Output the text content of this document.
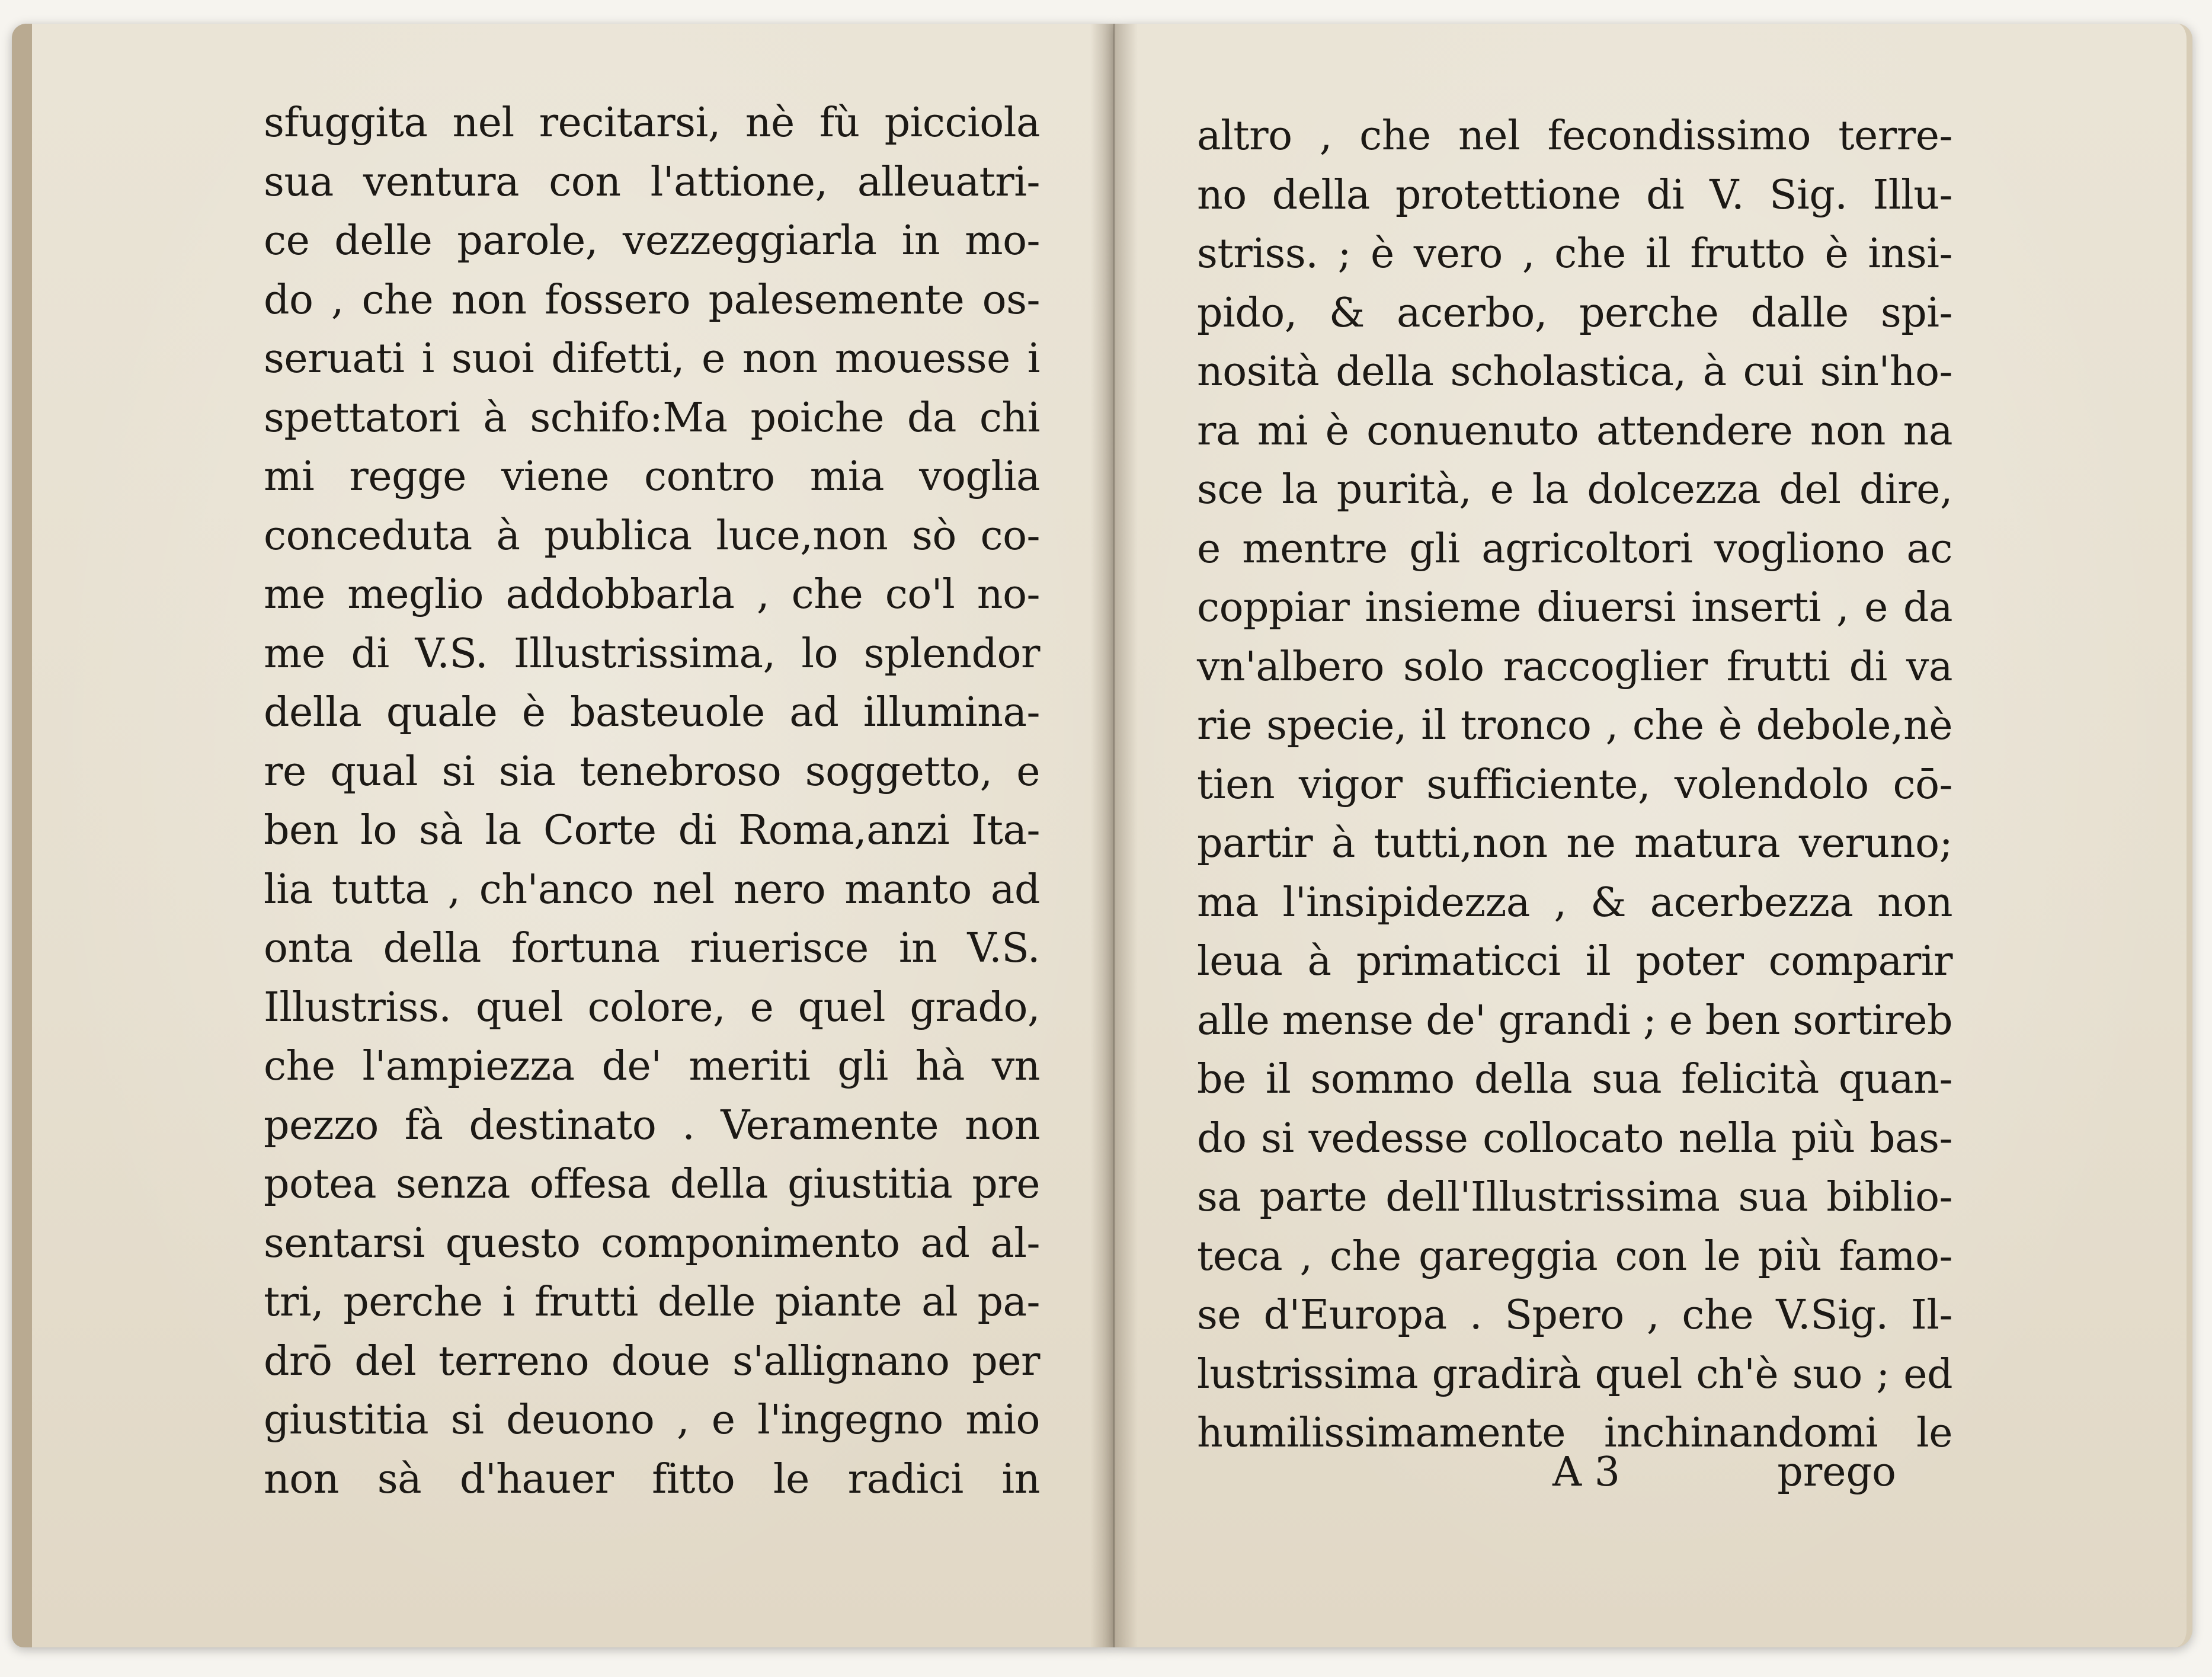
sfuggita nel recitarsi, nè fù picciola
sua ventura con l'attione, alleuatri-
ce delle parole, vezzeggiarla in mo-
do , che non fossero palesemente os-
seruati i suoi difetti, e non mouesse i
spettatori à schifo:Ma poiche da chi
mi regge viene contro mia voglia
conceduta à publica luce,non sò co-
me meglio addobbarla , che co'l no-
me di V.S. Illustrissima, lo splendor
della quale è basteuole ad illumina-
re qual si sia tenebroso soggetto, e
ben lo sà la Corte di Roma,anzi Ita-
lia tutta , ch'anco nel nero manto ad
onta della fortuna riuerisce in V.S.
Illustriss. quel colore, e quel grado,
che l'ampiezza de' meriti gli hà vn
pezzo fà destinato . Veramente non
potea senza offesa della giustitia pre
sentarsi questo componimento ad al-
tri, perche i frutti delle piante al pa-
drō del terreno doue s'allignano per
giustitia si deuono , e l'ingegno mio
non sà d'hauer fitto le radici in
altro , che nel fecondissimo terre-
no della protettione di V. Sig. Illu-
striss. ; è vero , che il frutto è insi-
pido, & acerbo, perche dalle spi-
nosità della scholastica, à cui sin'ho-
ra mi è conuenuto attendere non na
sce la purità, e la dolcezza del dire,
e mentre gli agricoltori vogliono ac
coppiar insieme diuersi inserti , e da
vn'albero solo raccoglier frutti di va
rie specie, il tronco , che è debole,nè
tien vigor sufficiente, volendolo cō-
partir à tutti,non ne matura veruno;
ma l'insipidezza , & acerbezza non
leua à primaticci il poter comparir
alle mense de' grandi ; e ben sortireb
be il sommo della sua felicità quan-
do si vedesse collocato nella più bas-
sa parte dell'Illustrissima sua biblio-
teca , che gareggia con le più famo-
se d'Europa . Spero , che V.Sig. Il-
lustrissima gradirà quel ch'è suo ; ed
humilissimamente inchinandomi le
A 3	prego
